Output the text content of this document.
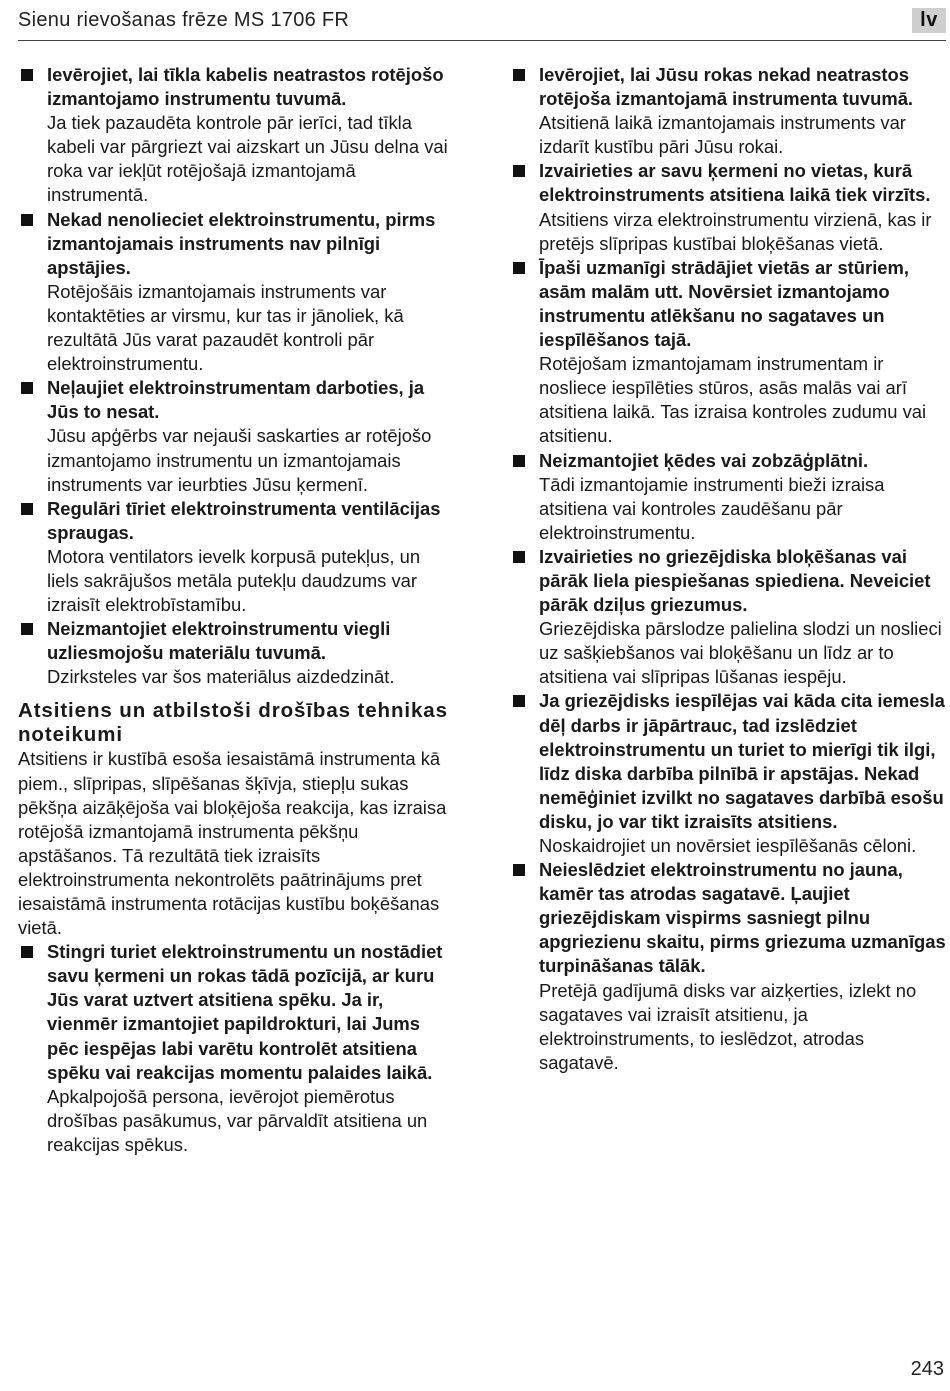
Sienu rievošanas frēze MS 1706 FR	lv
Ievērojiet, lai tīkla kabelis neatrastos rotējošo izmantojamo instrumentu tuvumā.
Ja tiek pazaudēta kontrole pār ierīci, tad tīkla kabeli var pārgriezt vai aizskart un Jūsu delna vai roka var iekļūt rotējošajā izmantojamā instrumentā.
Nekad nenolieciet elektroinstrumentu, pirms izmantojamais instruments nav pilnīgi apstājies.
Rotējošāis izmantojamais instruments var kontaktēties ar virsmu, kur tas ir jānoliek, kā rezultātā Jūs varat pazaudēt kontroli pār elektroinstrumentu.
Neļaujiet elektroinstrumentam darboties, ja Jūs to nesat.
Jūsu apģērbs var nejauši saskarties ar rotējošo izmantojamo instrumentu un izmantojamais instruments var ieurbties Jūsu ķermenī.
Regulāri tīriet elektroinstrumenta ventilācijas spraugas.
Motora ventilators ievelk korpusā putekļus, un liels sakrājušos metāla putekļu daudzums var izraisīt elektrobīstamību.
Neizmantojiet elektroinstrumentu viegli uzliesmojošu materiālu tuvumā.
Dzirksteles var šos materiālus aizdedzināt.
Atsitiens un atbilstoši drošības tehnikas noteikumi

Atsitiens ir kustībā esoša iesaistāmā instrumenta kā piem., slīpripas, slīpēšanas šķīvja, stiepļu sukas pēkšņa aizāķējoša vai bloķējoša reakcija, kas izraisa rotējošā izmantojamā instrumenta pēkšņu apstāšanos. Tā rezultātā tiek izraisīts elektroinstrumenta nekontrolēts paātrinājums pret iesaistāmā instrumenta rotācijas kustību boķēšanas vietā.

Stingri turiet elektroinstrumentu un nostādiet savu ķermeni un rokas tādā pozīcijā, ar kuru Jūs varat uztvert atsitiena spēku. Ja ir, vienmēr izmantojiet papildrokturi, lai Jums pēc iespējas labi varētu kontrolēt atsitiena spēku vai reakcijas momentu palaides laikā.
Apkalpojošā persona, ievērojot piemērotus drošības pasākumus, var pārvaldīt atsitiena un reakcijas spēkus.
Ievērojiet, lai Jūsu rokas nekad neatrastos rotējoša izmantojamā instrumenta tuvumā.
Atsitienā laikā izmantojamais instruments var izdarīt kustību pāri Jūsu rokai.
Izvairieties ar savu ķermeni no vietas, kurā elektroinstruments atsitiena laikā tiek virzīts.
Atsitiens virza elektroinstrumentu virzienā, kas ir pretējs slīpripas kustībai bloķēšanas vietā.
Īpaši uzmanīgi strādājiet vietās ar stūriem, asām malām utt. Novērsiet izmantojamo instrumentu atlēkšanu no sagataves un iespīlēšanos tajā.
Rotējošam izmantojamam instrumentam ir nosliece iespīlēties stūros, asās malās vai arī atsitiena laikā. Tas izraisa kontroles zudumu vai atsitienu.
Neizmantojiet ķēdes vai zobzāģplātni.
Tādi izmantojamie instrumenti bieži izraisa atsitiena vai kontroles zaudēšanu pār elektroinstrumentu.
Izvairieties no griezējdiska bloķēšanas vai pārāk liela piespiešanas spiediena. Neveiciet pārāk dziļus griezumus.
Griezējdiska pārslodze palielina slodzi un noslieci uz sašķiebšanos vai bloķēšanu un līdz ar to atsitiena vai slīpripas lūšanas iespēju.
Ja griezējdisks iespīlējas vai kāda cita iemesla dēļ darbs ir jāpārtrauc, tad izslēdziet elektroinstrumentu un turiet to mierīgi tik ilgi, līdz diska darbība pilnībā ir apstājas. Nekad nemēģiniet izvilkt no sagataves darbībā esošu disku, jo var tikt izraisīts atsitiens.
Noskaidrojiet un novērsiet iespīlēšanās cēloni.
Neieslēdziet elektroinstrumentu no jauna, kamēr tas atrodas sagatavē. Ļaujiet griezējdiskam vispirms sasniegt pilnu apgriezienu skaitu, pirms griezuma uzmanīgas turpināšanas tālāk.
Pretējā gadījumā disks var aizķerties, izlekt no sagataves vai izraisīt atsitienu, ja elektroinstruments, to ieslēdzot, atrodas sagatavē.
243
